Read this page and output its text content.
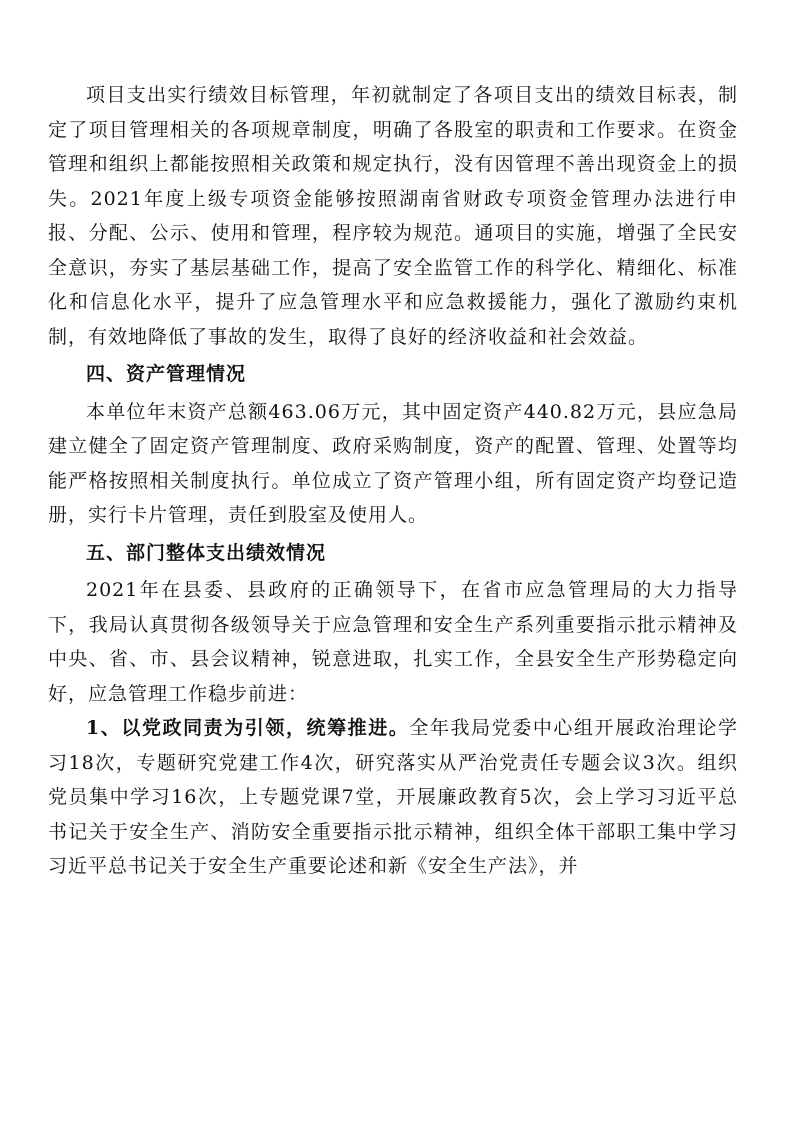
项目支出实行绩效目标管理，年初就制定了各项目支出的绩效目标表，制定了项目管理相关的各项规章制度，明确了各股室的职责和工作要求。在资金管理和组织上都能按照相关政策和规定执行，没有因管理不善出现资金上的损失。2021年度上级专项资金能够按照湖南省财政专项资金管理办法进行申报、分配、公示、使用和管理，程序较为规范。通项目的实施，增强了全民安全意识，夯实了基层基础工作，提高了安全监管工作的科学化、精细化、标准化和信息化水平，提升了应急管理水平和应急救援能力，强化了激励约束机制，有效地降低了事故的发生，取得了良好的经济收益和社会效益。

四、资产管理情况

本单位年末资产总额463.06万元，其中固定资产440.82万元，县应急局建立健全了固定资产管理制度、政府采购制度，资产的配置、管理、处置等均能严格按照相关制度执行。单位成立了资产管理小组，所有固定资产均登记造册，实行卡片管理，责任到股室及使用人。

五、部门整体支出绩效情况

2021年在县委、县政府的正确领导下，在省市应急管理局的大力指导下，我局认真贯彻各级领导关于应急管理和安全生产系列重要指示批示精神及中央、省、市、县会议精神，锐意进取，扎实工作，全县安全生产形势稳定向好，应急管理工作稳步前进：

1、以党政同责为引领，统筹推进。全年我局党委中心组开展政治理论学习18次，专题研究党建工作4次，研究落实从严治党责任专题会议3次。组织党员集中学习16次，上专题党课7堂，开展廉政教育5次，会上学习习近平总书记关于安全生产、消防安全重要指示批示精神，组织全体干部职工集中学习习近平总书记关于安全生产重要论述和新《安全生产法》，并
